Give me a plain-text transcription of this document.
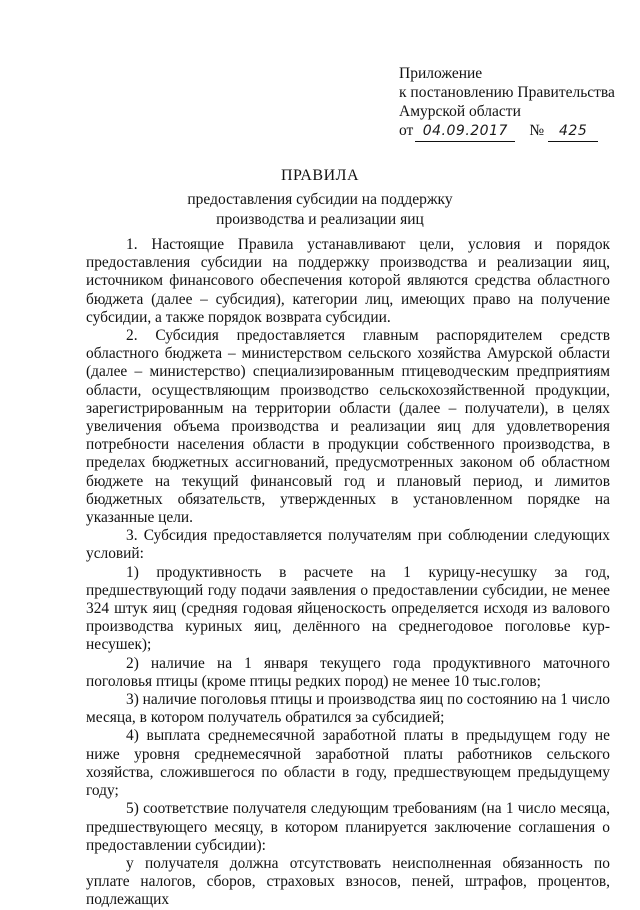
Приложение
к постановлению Правительства
Амурской области
от 04.09.2017 № 425
ПРАВИЛА
предоставления субсидии на поддержку
производства и реализации яиц

1. Настоящие Правила устанавливают цели, условия и порядок предоставления субсидии на поддержку производства и реализации яиц, источником финансового обеспечения которой являются средства областного бюджета (далее – субсидия), категории лиц, имеющих право на получение субсидии, а также порядок возврата субсидии.

2. Субсидия предоставляется главным распорядителем средств областного бюджета – министерством сельского хозяйства Амурской области (далее – министерство) специализированным птицеводческим предприятиям области, осуществляющим производство сельскохозяйственной продукции, зарегистрированным на территории области (далее – получатели), в целях увеличения объема производства и реализации яиц для удовлетворения потребности населения области в продукции собственного производства, в пределах бюджетных ассигнований, предусмотренных законом об областном бюджете на текущий финансовый год и плановый период, и лимитов бюджетных обязательств, утвержденных в установленном порядке на указанные цели.

3. Субсидия предоставляется получателям при соблюдении следующих условий:

1) продуктивность в расчете на 1 курицу-несушку за год, предшествующий году подачи заявления о предоставлении субсидии, не менее 324 штук яиц (средняя годовая яйценоскость определяется исходя из валового производства куриных яиц, делённого на среднегодовое поголовье кур-несушек);

2) наличие на 1 января текущего года продуктивного маточного поголовья птицы (кроме птицы редких пород) не менее 10 тыс.голов;

3) наличие поголовья птицы и производства яиц по состоянию на 1 число месяца, в котором получатель обратился за субсидией;

4) выплата среднемесячной заработной платы в предыдущем году не ниже уровня среднемесячной заработной платы работников сельского хозяйства, сложившегося по области в году, предшествующем предыдущему году;

5) соответствие получателя следующим требованиям (на 1 число месяца, предшествующего месяцу, в котором планируется заключение соглашения о предоставлении субсидии):

у получателя должна отсутствовать неисполненная обязанность по уплате налогов, сборов, страховых взносов, пеней, штрафов, процентов, подлежащих
